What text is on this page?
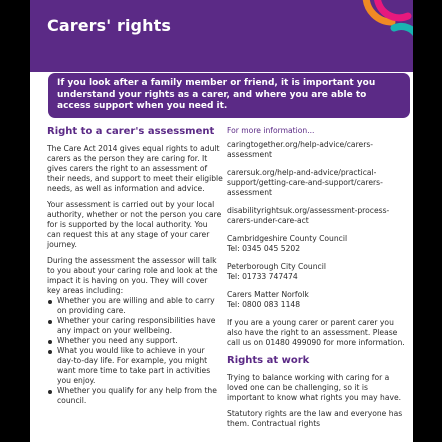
Carers' rights

If you look after a family member or friend, it is important you understand your rights as a carer, and where you are able to access support when you need it.

Right to a carer's assessment

The Care Act 2014 gives equal rights to adult carers as the person they are caring for. It gives carers the right to an assessment of their needs, and support to meet their eligible needs, as well as information and advice.

Your assessment is carried out by your local authority, whether or not the person you care for is supported by the local authority. You can request this at any stage of your carer journey.

During the assessment the assessor will talk to you about your caring role and look at the impact it is having on you. They will cover key areas including:

Whether you are willing and able to carry on providing care.
Whether your caring responsibilities have any impact on your wellbeing.
Whether you need any support.
What you would like to achieve in your day-to-day life. For example, you might want more time to take part in activities you enjoy.
Whether you qualify for any help from the council.

For more information...

caringtogether.org/help-advice/carers-assessment
carersuk.org/help-and-advice/practical-support/getting-care-and-support/carers-assessment
disabilityrightsuk.org/assessment-process-carers-under-care-act
Cambridgeshire County Council
Tel: 0345 045 5202
Peterborough City Council
Tel: 01733 747474
Carers Matter Norfolk
Tel: 0800 083 1148

If you are a young carer or parent carer you also have the right to an assessment. Please call us on 01480 499090 for more information.

Rights at work

Trying to balance working with caring for a loved one can be challenging, so it is important to know what rights you may have.

Statutory rights are the law and everyone has them. Contractual rights
